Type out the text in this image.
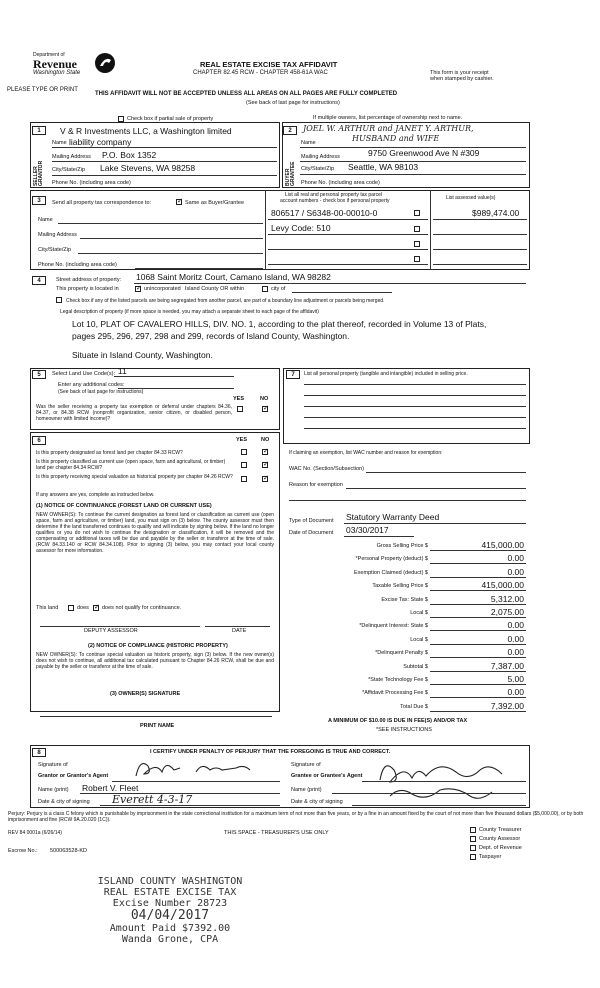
Department of
Revenue
Washington State
PLEASE TYPE OR PRINT
REAL ESTATE EXCISE TAX AFFIDAVIT
CHAPTER 82.45 RCW - CHAPTER 458-61A WAC	This form is your receipt
when stamped by cashier.
THIS AFFIDAVIT WILL NOT BE ACCEPTED UNLESS ALL AREAS ON ALL PAGES ARE FULLY COMPLETED
(See back of last page for instructions)
Check box if partial sale of property	If multiple owners, list percentage of ownership next to name.
1	2
SELLER GRANTOR	BUYER GRANTEE
V & R Investments LLC, a Washington limited
Name liability company
Mailing Address P.O. Box 1352
City/State/Zip Lake Stevens, WA 98258
Phone No. (including area code)
JOEL W. ARTHUR and JANET Y. ARTHUR,
Name	HUSBAND and WIFE
Mailing Address	9750 Greenwood Ave N #309
City/State/Zip Seattle, WA 98103
Phone No. (including area code)
3	Send all property tax correspondence to: ✓	Same as Buyer/Grantee
Name
Mailing Address
City/State/Zip
Phone No. (including area code)
List all real and personal property tax parcel
account numbers - check box if personal property	List assessed value(s)
806517 / S6348-00-00010-0	$989,474.00
Levy Code: 510
4	Street address of property: 1068 Saint Moritz Court, Camano Island, WA 98282
This property is located in ✓	unincorporated Island County OR within	city of
Check box if any of the listed parcels are being segregated from another parcel, are part of a boundary line adjustment or parcels being merged.
Legal description of property (if more space is needed, you may attach a separate sheet to each page of the affidavit)
Lot 10, PLAT OF CAVALERO HILLS, DIV. NO. 1, according to the plat thereof, recorded in Volume 13 of Plats,
pages 295, 296, 297, 298 and 299, records of Island County, Washington.
Situate in Island County, Washington.
5	Select Land Use Code(s): 11
Enter any additional codes:
(See back of last page for instructions)
YES	NO
Was the seller receiving a property tax exemption or deferral under chapters 84.36, 84.37, or 84.38 RCW (nonprofit organization, senior citizen, or disabled person, homeowner with limited income)?
✓
6	YES	NO
Is this property designated as forest land per chapter 84.33 RCW?
✓
Is this property classified as current use (open space, farm and agricultural, or timber) land per chapter 84.34 RCW?
✓
Is this property receiving special valuation as historical property per chapter 84.26 RCW?
✓
If any answers are yes, complete as instructed below.
(1) NOTICE OF CONTINUANCE (FOREST LAND OR CURRENT USE)
NEW OWNER(S): To continue the current designation as forest land or classification as current use (open space, farm and agriculture, or timber) land, you must sign on (3) below. The county assessor must then determine if the land transferred continues to qualify and will indicate by signing below. If the land no longer qualifies or you do not wish to continue the designation or classification, it will be removed and the compensating or additional taxes will be due and payable by the seller or transferor at the time of sale. (RCW 84.33.140 or RCW 84.34.108). Prior to signing (3) below, you may contact your local county assessor for more information.
This land	does ✓ does not qualify for continuance.
DEPUTY ASSESSOR	DATE
(2) NOTICE OF COMPLIANCE (HISTORIC PROPERTY)
NEW OWNER(S): To continue special valuation as historic property, sign (3) below. If the new owner(s) does not wish to continue, all additional tax calculated pursuant to Chapter 84.26 RCW, shall be due and payable by the seller or transferor at the time of sale.
(3) OWNER(S) SIGNATURE
PRINT NAME
7	List all personal property (tangible and intangible) included in selling price.
If claiming an exemption, list WAC number and reason for exemption:
WAC No. (Section/Subsection)
Reason for exemption
Type of Document Statutory Warranty Deed
Date of Document 03/30/2017
Gross Selling Price $	415,000.00
*Personal Property (deduct) $	0.00
Exemption Claimed (deduct) $	0.00
Taxable Selling Price $	415,000.00
Excise Tax: State $	5,312.00
Local $	2,075.00
*Delinquent Interest: State $	0.00
Local $	0.00
*Delinquent Penalty $	0.00
Subtotal $	7,387.00
*State Technology Fee $	5.00
*Affidavit Processing Fee $	0.00
Total Due $	7,392.00
A MINIMUM OF $10.00 IS DUE IN FEE(S) AND/OR TAX
*SEE INSTRUCTIONS
8	I CERTIFY UNDER PENALTY OF PERJURY THAT THE FOREGOING IS TRUE AND CORRECT.
Signature of
Grantor or Grantor's Agent
Name (print) Robert V. Fleet
Date & city of signing Everett 4-3-17
Signature of
Grantee or Grantee's Agent
Name (print)
Date & city of signing
Perjury: Perjury is a class C felony which is punishable by imprisonment in the state correctional institution for a maximum term of not more than five years, or by a fine in an amount fixed by the court of not more than five thousand dollars ($5,000.00), or by both imprisonment and fine (RCW 9A.20.020 (1C)).
REV 84 0001a (6/26/14)	THIS SPACE - TREASURER'S USE ONLY
Escrow No.: 500063528-KD
County Treasurer
County Assessor
Dept. of Revenue
Taxpayer
ISLAND COUNTY WASHINGTON
REAL ESTATE EXCISE TAX
Excise Number 28723
04/04/2017
Amount Paid $7392.00
Wanda Grone, CPA
